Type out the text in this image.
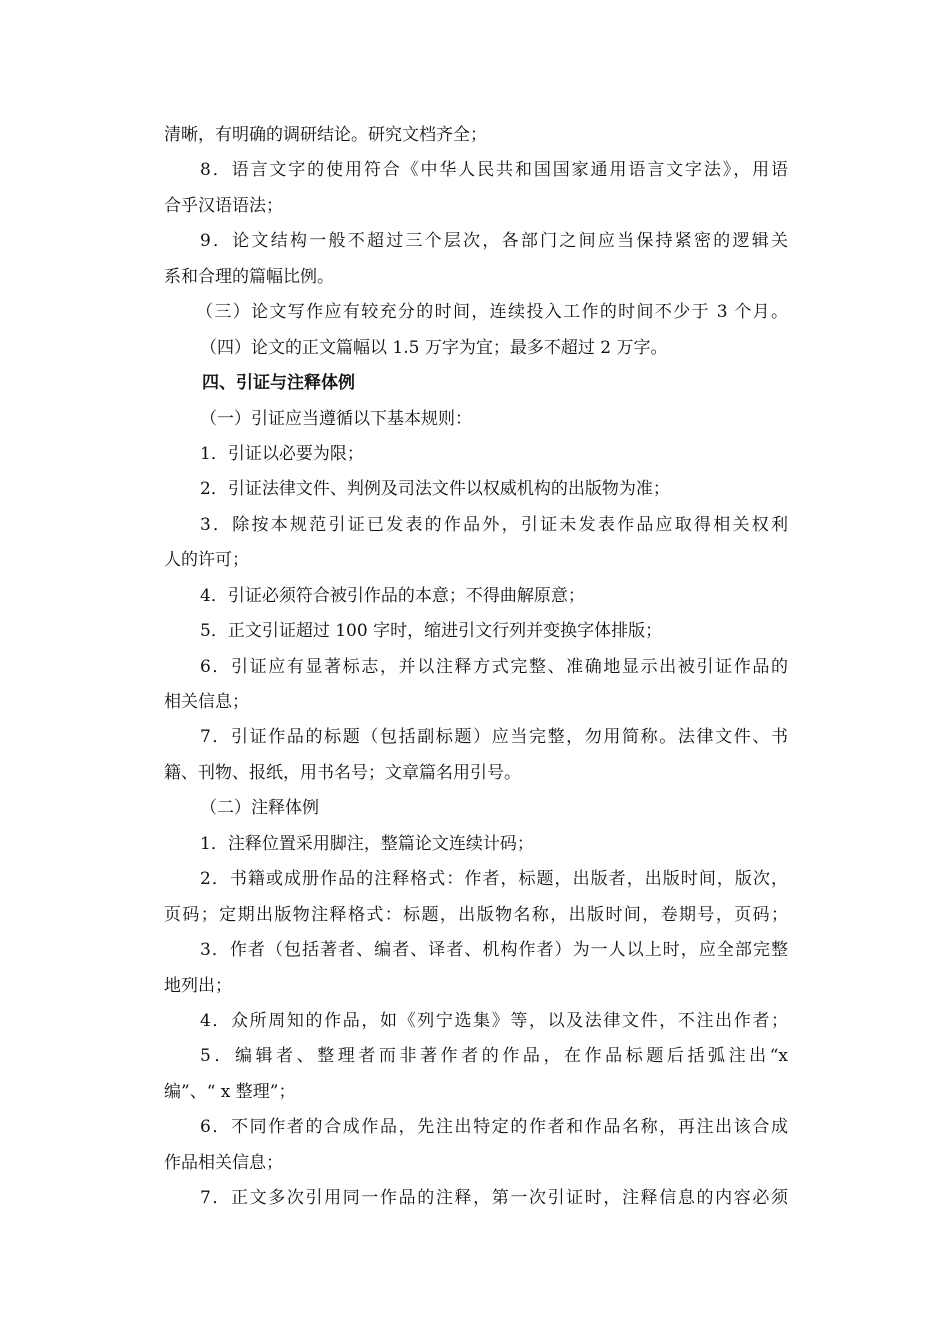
清晰，有明确的调研结论。研究文档齐全；
8．语言文字的使用符合《中华人民共和国国家通用语言文字法》，用语
合乎汉语语法；
9．论文结构一般不超过三个层次，各部门之间应当保持紧密的逻辑关
系和合理的篇幅比例。
（三）论文写作应有较充分的时间，连续投入工作的时间不少于 3 个月。
（四）论文的正文篇幅以 1.5 万字为宜；最多不超过 2 万字。
四、引证与注释体例
（一）引证应当遵循以下基本规则：
1．引证以必要为限；
2．引证法律文件、判例及司法文件以权威机构的出版物为准；
3．除按本规范引证已发表的作品外，引证未发表作品应取得相关权利
人的许可；
4．引证必须符合被引作品的本意；不得曲解原意；
5．正文引证超过 100 字时，缩进引文行列并变换字体排版；
6．引证应有显著标志，并以注释方式完整、准确地显示出被引证作品的
相关信息；
7．引证作品的标题（包括副标题）应当完整，勿用简称。法律文件、书
籍、刊物、报纸，用书名号；文章篇名用引号。
（二）注释体例
1．注释位置采用脚注，整篇论文连续计码；
2．书籍或成册作品的注释格式：作者，标题，出版者，出版时间，版次，
页码；定期出版物注释格式：标题，出版物名称，出版时间，卷期号，页码；
3．作者（包括著者、编者、译者、机构作者）为一人以上时，应全部完整
地列出；
4．众所周知的作品，如《列宁选集》等，以及法律文件，不注出作者；
5．编辑者、整理者而非著作者的作品，在作品标题后括弧注出“x
编”、“ x 整理”；
6．不同作者的合成作品，先注出特定的作者和作品名称，再注出该合成
作品相关信息；
7．正文多次引用同一作品的注释，第一次引证时，注释信息的内容必须
